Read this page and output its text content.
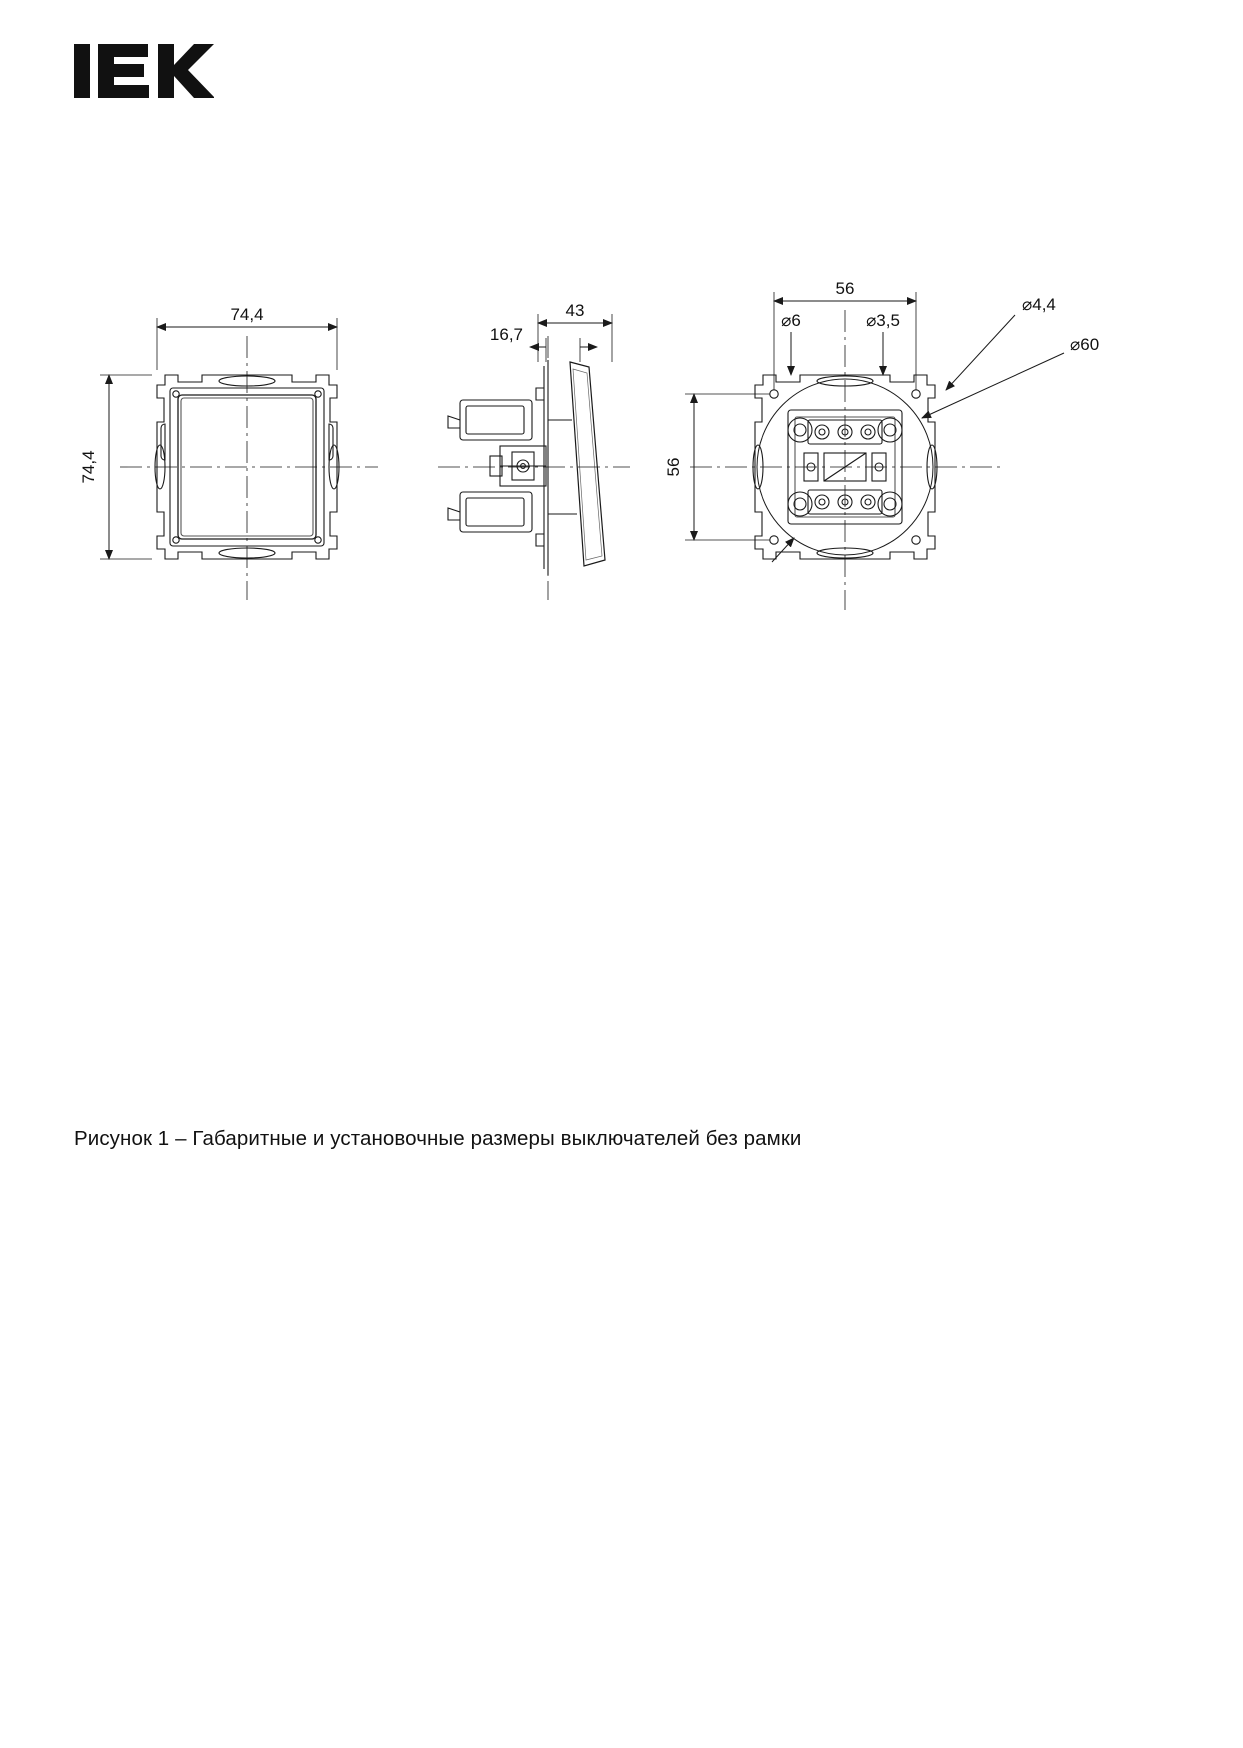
74,4
74,4
43
16,7
56
56
⌀6	⌀3,5
⌀4,4
⌀60
Рисунок 1 – Габаритные и установочные размеры выключателей без рамки
